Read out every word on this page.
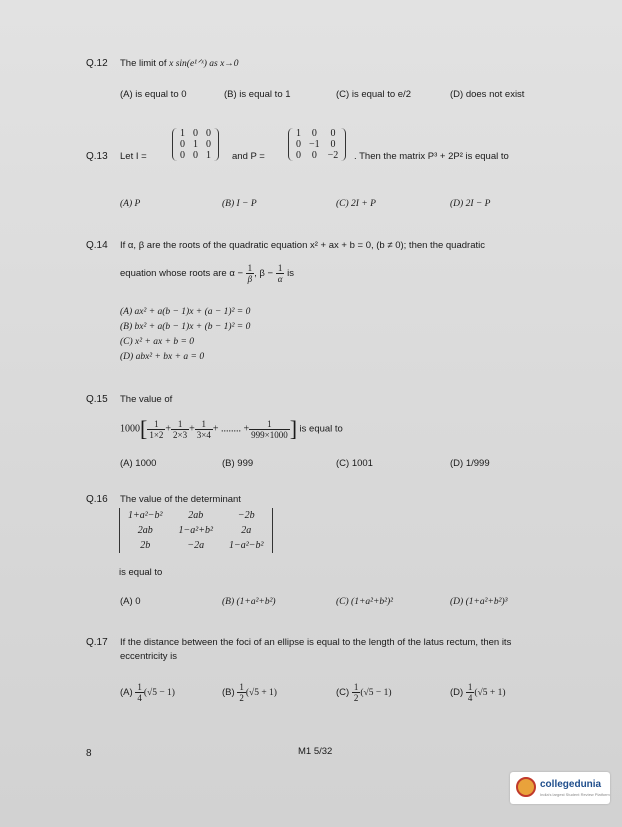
Q.12 The limit of x sin(e¹ᐟˣ) as x→0
(A) is equal to 0	(B) is equal to 1	(C) is equal to e/2	(D) does not exist
Q.13 Let I =
1	0	0
0	1	0
0	0	1 and P =
1	0	0
0	−1	0
0	0	−2 . Then the matrix P³ + 2P² is equal to
(A) P	(B) I − P	(C) 2I + P	(D) 2I − P
Q.14 If α, β are the roots of the quadratic equation x² + ax + b = 0, (b ≠ 0); then the quadratic
equation whose roots are $\alpha - \frac{1}{\beta}$ , $\beta - \frac{1}{\alpha}$ is
(A) ax² + a(b − 1)x + (a − 1)² = 0
(B) bx² + a(b − 1)x + (b − 1)² = 0
(C) x² + ax + b = 0
(D) abx² + bx + a = 0
Q.15 The value of
$1000[ \frac{1}{1\times 2} + \frac{1}{2\times 3} + \frac{1}{3\times 4}$ + ........ + $\frac{1}{999\times 1000}$ ] is equal to
(A) 1000	(B) 999	(C) 1001	(D) 1/999
Q.16 The value of the determinant
1+a²−b²	2ab	−2b
2ab	1−a²+b²	2a
2b	−2a	1−a²−b²
is equal to
(A) 0	(B) (1+a²+b²)	(C) (1+a²+b²)²	(D) (1+a²+b²)³
Q.17 If the distance between the foci of an ellipse is equal to the length of the latus rectum, then its
eccentricity is
$(A) \frac{1}{4} (√5 - 1)$	$(B) \frac{1}{2} (√5 + 1)$	$(C) \frac{1}{2} (√5 - 1)$	$(D) \frac{1}{4} (√5 + 1)$
8	M1 5/32
collegedunia
India's largest Student Review Platform
